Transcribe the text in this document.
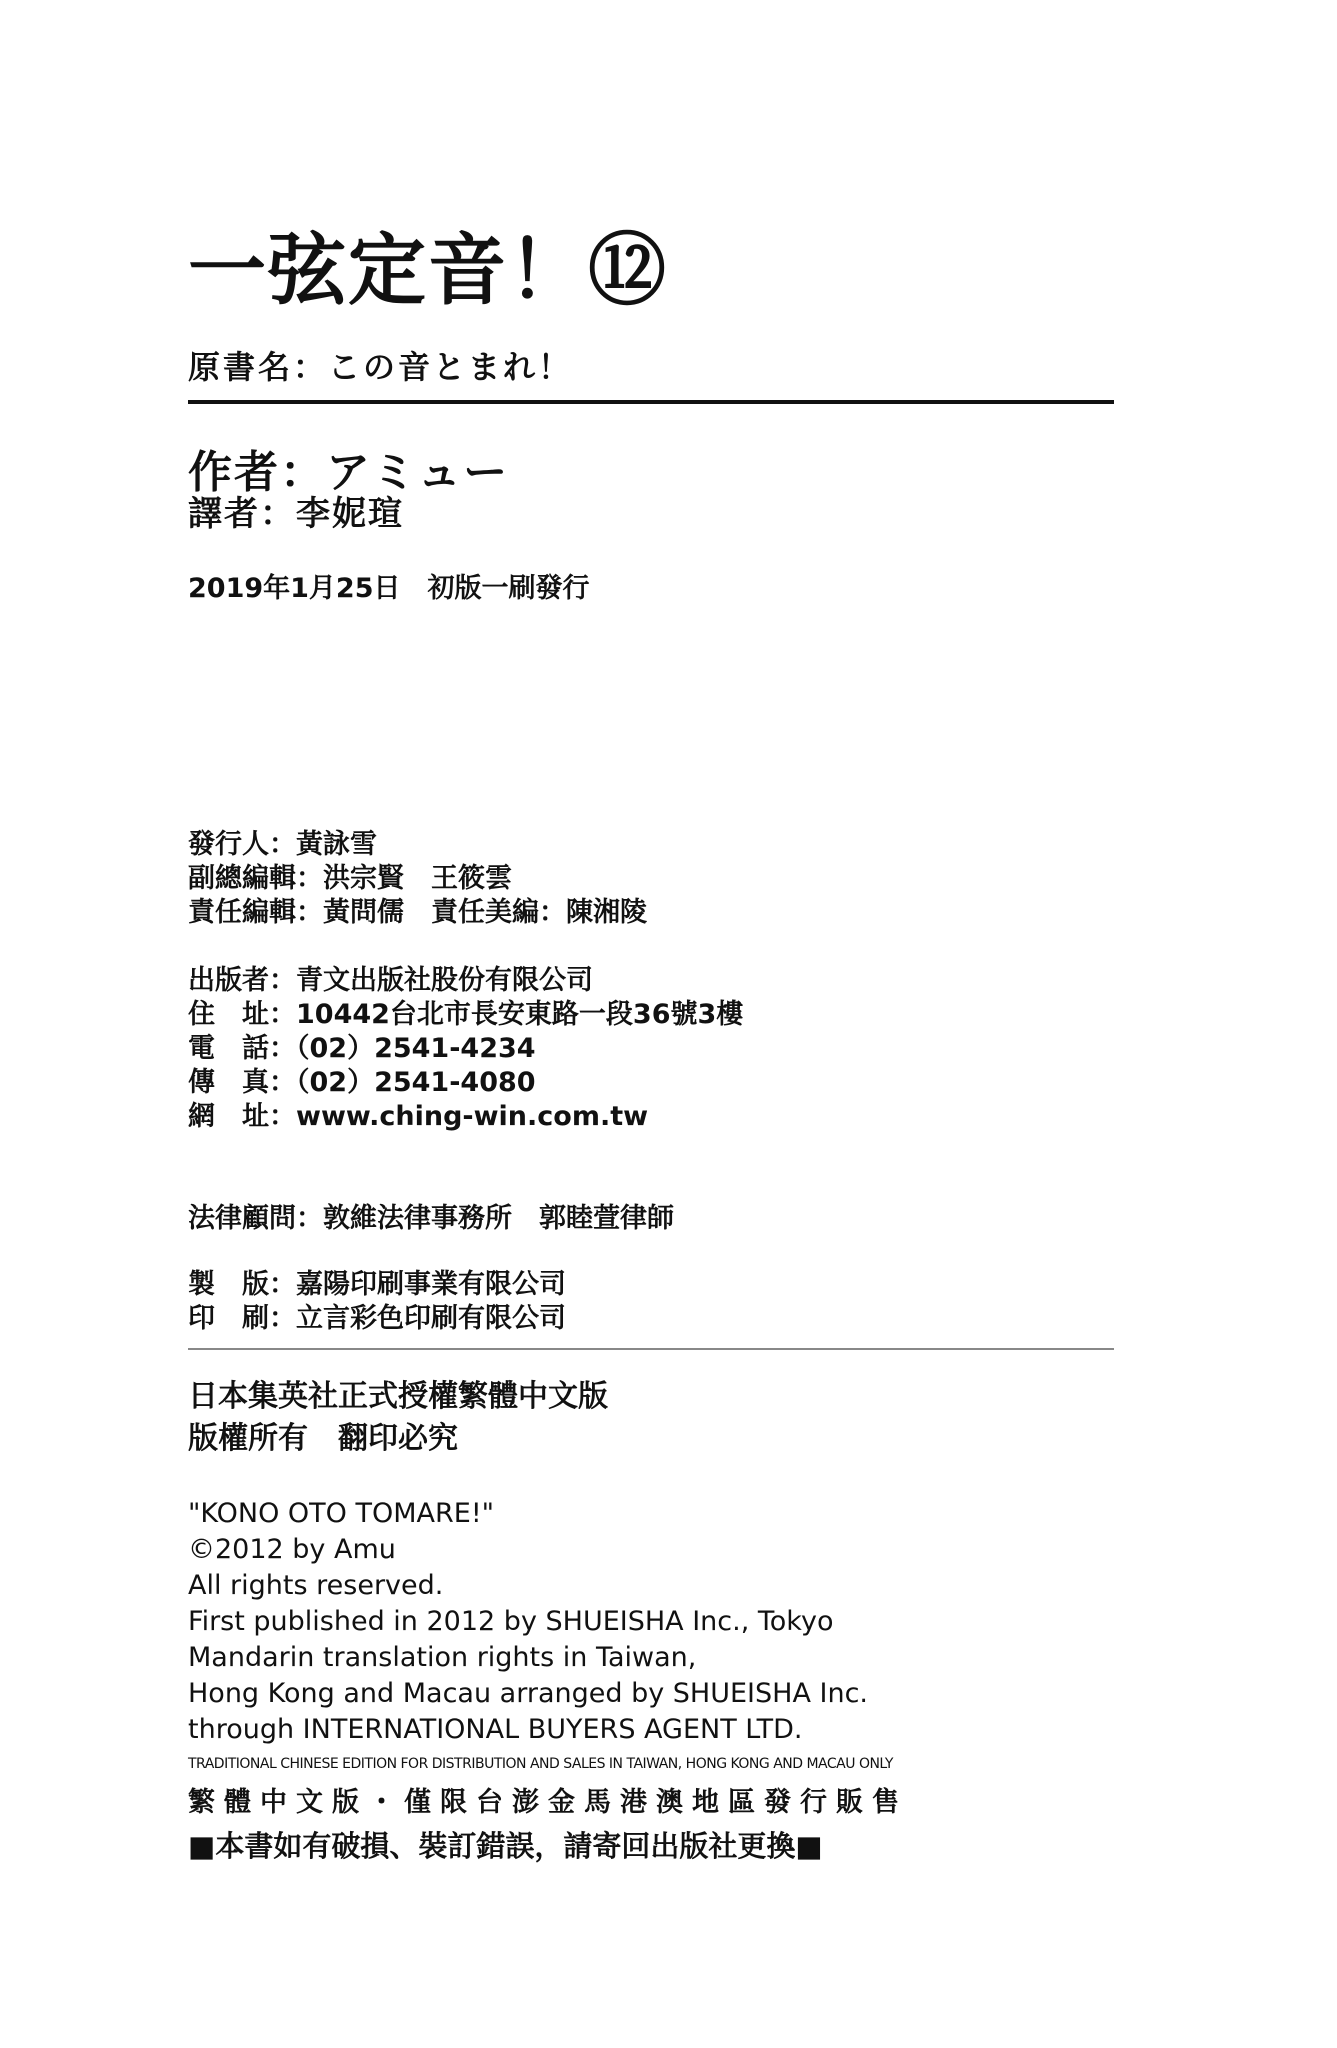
一弦定音！⑫
原書名：この音とまれ！
作者：アミュー
譯者：李妮瑄
2019年1月25日　初版一刷發行
發行人：黃詠雪
副總編輯：洪宗賢　王筱雲
責任編輯：黃問儒　責任美編：陳湘陵
出版者：青文出版社股份有限公司
住　址：10442台北市長安東路一段36號3樓
電　話：（02）2541-4234
傳　真：（02）2541-4080
網　址：www.ching-win.com.tw
法律顧問：敦維法律事務所　郭睦萱律師
製　版：嘉陽印刷事業有限公司
印　刷：立言彩色印刷有限公司
日本集英社正式授權繁體中文版
版權所有　翻印必究
"KONO OTO TOMARE!"
©2012 by Amu
All rights reserved.
First published in 2012 by SHUEISHA Inc., Tokyo
Mandarin translation rights in Taiwan,
Hong Kong and Macau arranged by SHUEISHA Inc.
through INTERNATIONAL BUYERS AGENT LTD.
TRADITIONAL CHINESE EDITION FOR DISTRIBUTION AND SALES IN TAIWAN, HONG KONG AND MACAU ONLY
繁體中文版・僅限台澎金馬港澳地區發行販售
■本書如有破損、裝訂錯誤，請寄回出版社更換■
